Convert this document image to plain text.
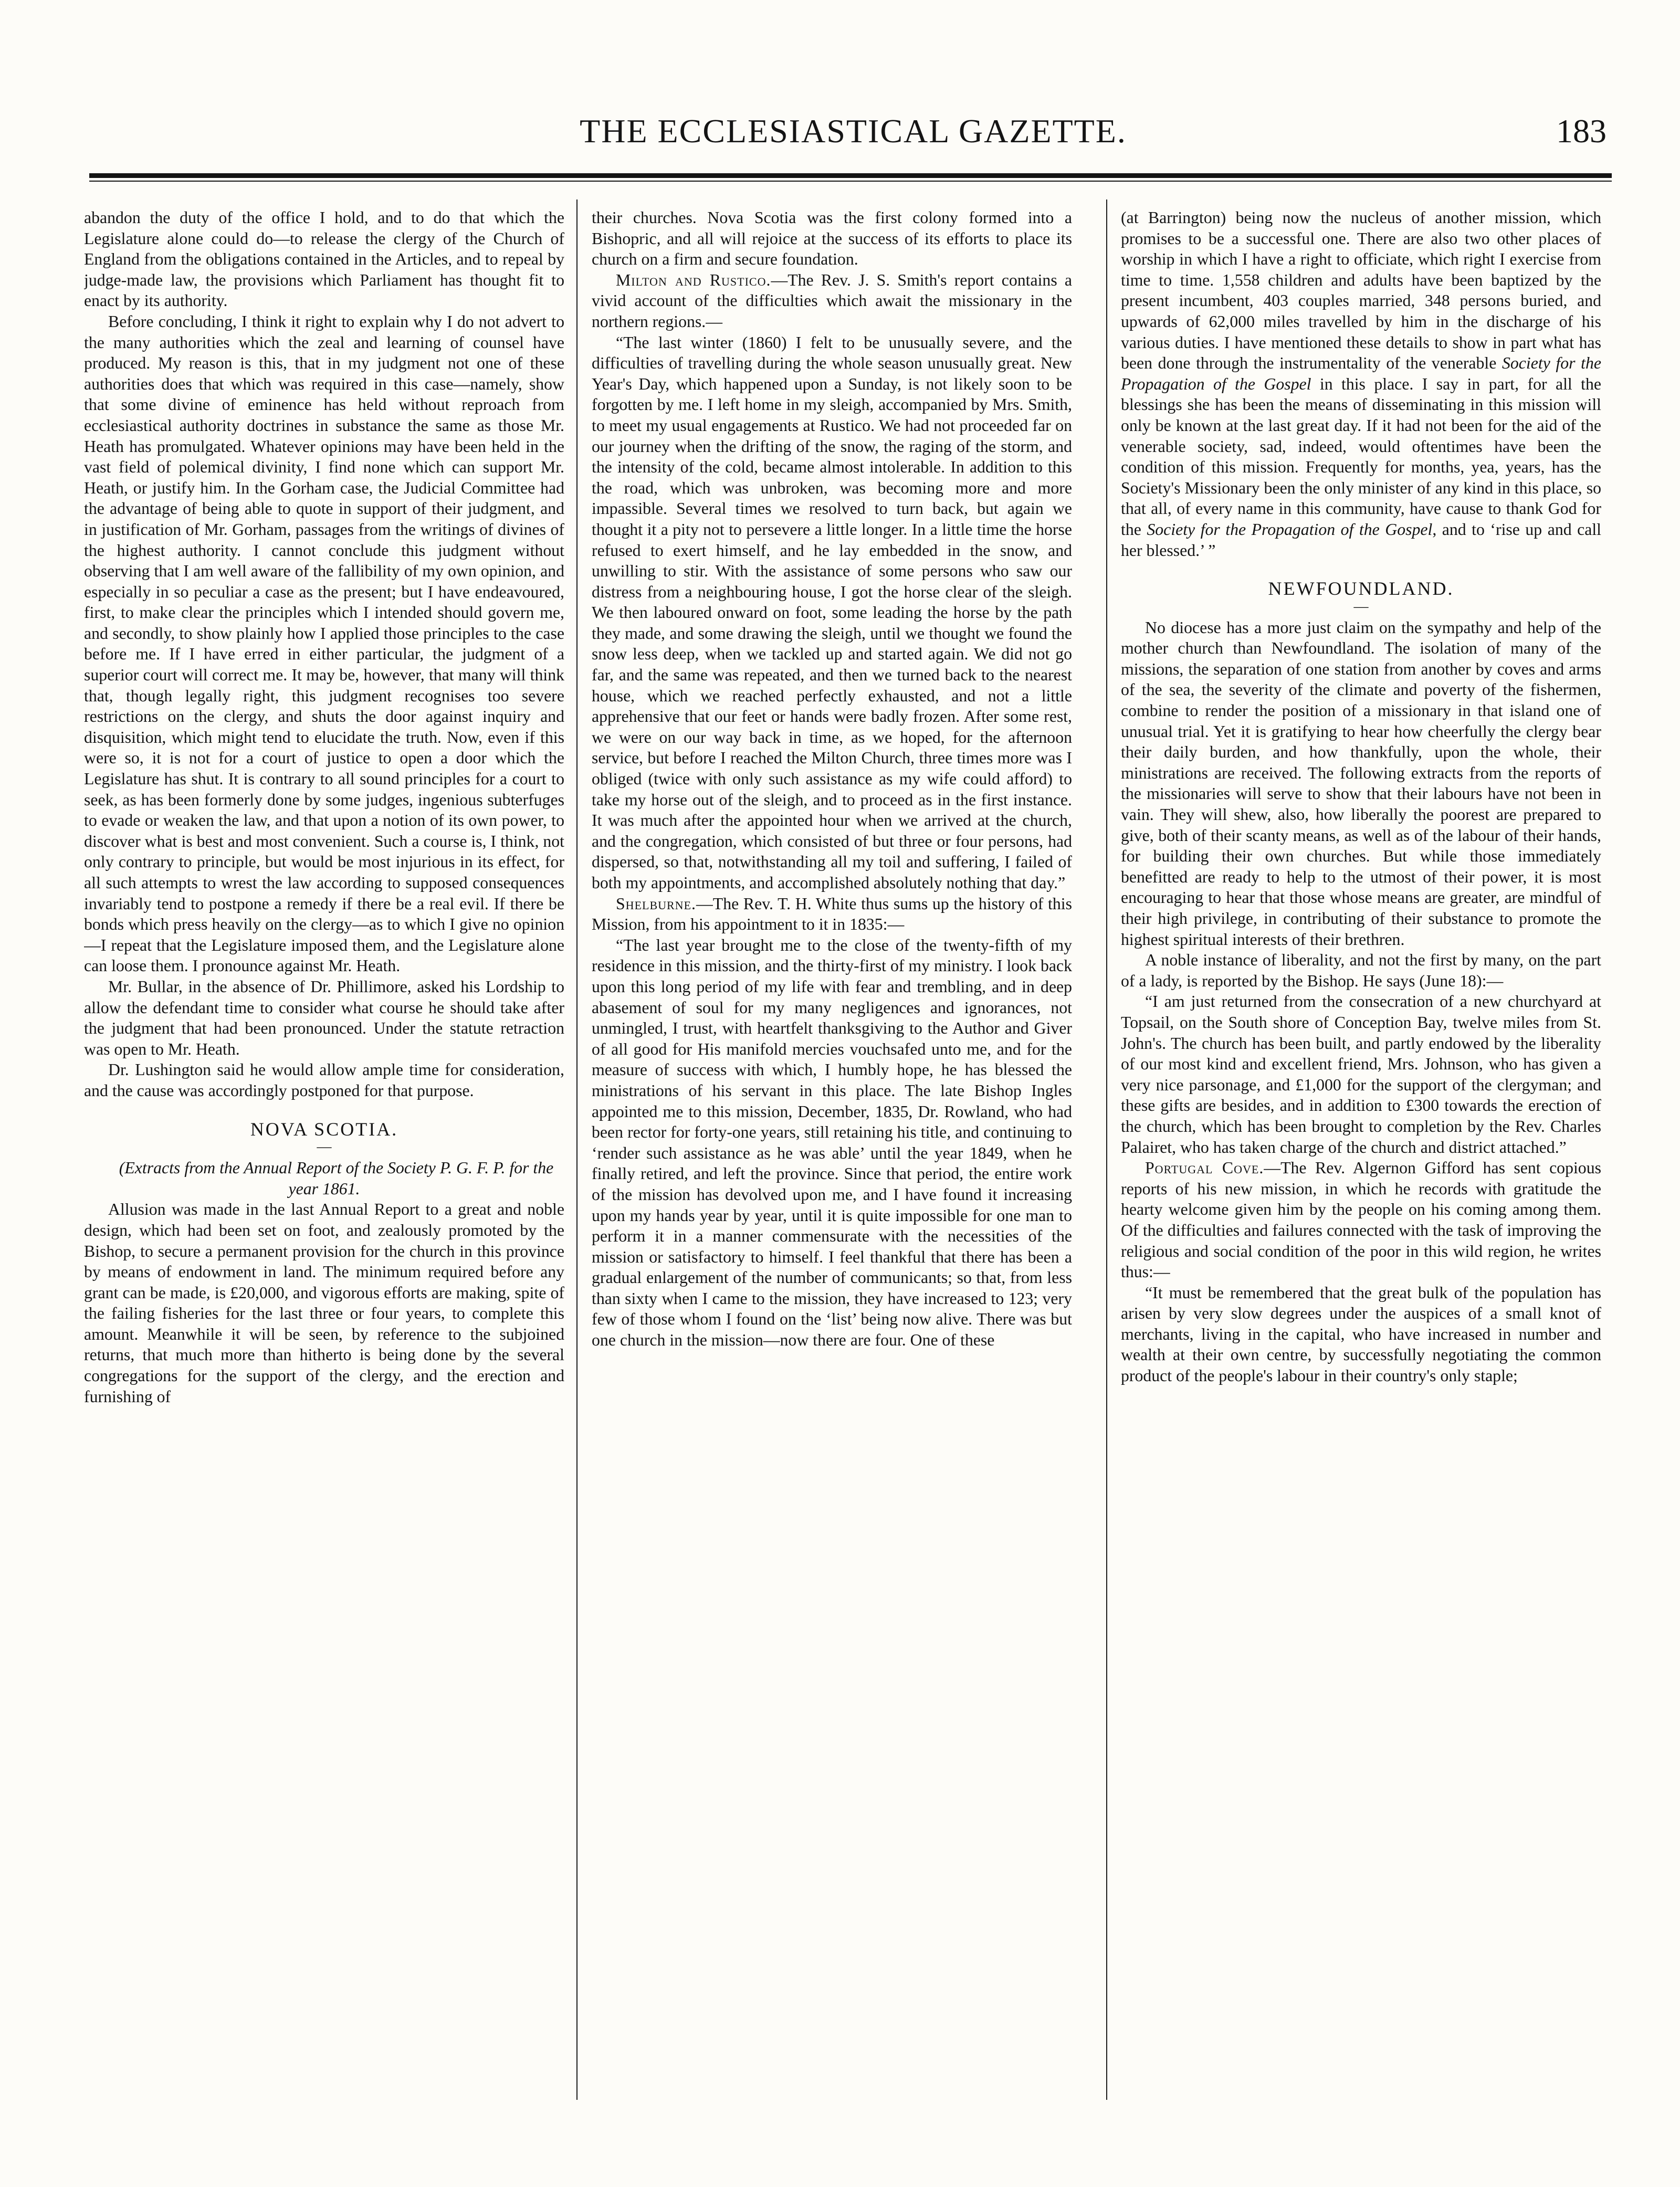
THE ECCLESIASTICAL GAZETTE.	183

abandon the duty of the office I hold, and to do that which the Legislature alone could do—to release the clergy of the Church of England from the obligations contained in the Articles, and to repeal by judge-made law, the provisions which Parliament has thought fit to enact by its authority.

Before concluding, I think it right to explain why I do not advert to the many authorities which the zeal and learning of counsel have produced. My reason is this, that in my judgment not one of these authorities does that which was required in this case—namely, show that some divine of eminence has held without reproach from ecclesiastical authority doctrines in substance the same as those Mr. Heath has promulgated. Whatever opinions may have been held in the vast field of polemical divinity, I find none which can support Mr. Heath, or justify him. In the Gorham case, the Judicial Committee had the advantage of being able to quote in support of their judgment, and in justification of Mr. Gorham, passages from the writings of divines of the highest authority. I cannot conclude this judgment without observing that I am well aware of the fallibility of my own opinion, and especially in so peculiar a case as the present; but I have endeavoured, first, to make clear the principles which I intended should govern me, and secondly, to show plainly how I applied those principles to the case before me. If I have erred in either particular, the judgment of a superior court will correct me. It may be, however, that many will think that, though legally right, this judgment recognises too severe restrictions on the clergy, and shuts the door against inquiry and disquisition, which might tend to elucidate the truth. Now, even if this were so, it is not for a court of justice to open a door which the Legislature has shut. It is contrary to all sound principles for a court to seek, as has been formerly done by some judges, ingenious subterfuges to evade or weaken the law, and that upon a notion of its own power, to discover what is best and most convenient. Such a course is, I think, not only contrary to principle, but would be most injurious in its effect, for all such attempts to wrest the law according to supposed consequences invariably tend to postpone a remedy if there be a real evil. If there be bonds which press heavily on the clergy—as to which I give no opinion—I repeat that the Legislature imposed them, and the Legislature alone can loose them. I pronounce against Mr. Heath.

Mr. Bullar, in the absence of Dr. Phillimore, asked his Lordship to allow the defendant time to consider what course he should take after the judgment that had been pronounced. Under the statute retraction was open to Mr. Heath.

Dr. Lushington said he would allow ample time for consideration, and the cause was accordingly postponed for that purpose.

NOVA SCOTIA.
—

(Extracts from the Annual Report of the Society P. G. F. P. for the year 1861.

Allusion was made in the last Annual Report to a great and noble design, which had been set on foot, and zealously promoted by the Bishop, to secure a permanent provision for the church in this province by means of endowment in land. The minimum required before any grant can be made, is £20,000, and vigorous efforts are making, spite of the failing fisheries for the last three or four years, to complete this amount. Meanwhile it will be seen, by reference to the subjoined returns, that much more than hitherto is being done by the several congregations for the support of the clergy, and the erection and furnishing of

their churches. Nova Scotia was the first colony formed into a Bishopric, and all will rejoice at the success of its efforts to place its church on a firm and secure foundation.

Milton and Rustico.—The Rev. J. S. Smith's report contains a vivid account of the difficulties which await the missionary in the northern regions.—

“The last winter (1860) I felt to be unusually severe, and the difficulties of travelling during the whole season unusually great. New Year's Day, which happened upon a Sunday, is not likely soon to be forgotten by me. I left home in my sleigh, accompanied by Mrs. Smith, to meet my usual engagements at Rustico. We had not proceeded far on our journey when the drifting of the snow, the raging of the storm, and the intensity of the cold, became almost intolerable. In addition to this the road, which was unbroken, was becoming more and more impassible. Several times we resolved to turn back, but again we thought it a pity not to persevere a little longer. In a little time the horse refused to exert himself, and he lay embedded in the snow, and unwilling to stir. With the assistance of some persons who saw our distress from a neighbouring house, I got the horse clear of the sleigh. We then laboured onward on foot, some leading the horse by the path they made, and some drawing the sleigh, until we thought we found the snow less deep, when we tackled up and started again. We did not go far, and the same was repeated, and then we turned back to the nearest house, which we reached perfectly exhausted, and not a little apprehensive that our feet or hands were badly frozen. After some rest, we were on our way back in time, as we hoped, for the afternoon service, but before I reached the Milton Church, three times more was I obliged (twice with only such assistance as my wife could afford) to take my horse out of the sleigh, and to proceed as in the first instance. It was much after the appointed hour when we arrived at the church, and the congregation, which consisted of but three or four persons, had dispersed, so that, notwithstanding all my toil and suffering, I failed of both my appointments, and accomplished absolutely nothing that day.”

Shelburne.—The Rev. T. H. White thus sums up the history of this Mission, from his appointment to it in 1835:—

“The last year brought me to the close of the twenty-fifth of my residence in this mission, and the thirty-first of my ministry. I look back upon this long period of my life with fear and trembling, and in deep abasement of soul for my many negligences and ignorances, not unmingled, I trust, with heartfelt thanksgiving to the Author and Giver of all good for His manifold mercies vouchsafed unto me, and for the measure of success with which, I humbly hope, he has blessed the ministrations of his servant in this place. The late Bishop Ingles appointed me to this mission, December, 1835, Dr. Rowland, who had been rector for forty-one years, still retaining his title, and continuing to ‘render such assistance as he was able’ until the year 1849, when he finally retired, and left the province. Since that period, the entire work of the mission has devolved upon me, and I have found it increasing upon my hands year by year, until it is quite impossible for one man to perform it in a manner commensurate with the necessities of the mission or satisfactory to himself. I feel thankful that there has been a gradual enlargement of the number of communicants; so that, from less than sixty when I came to the mission, they have increased to 123; very few of those whom I found on the ‘list’ being now alive. There was but one church in the mission—now there are four. One of these

(at Barrington) being now the nucleus of another mission, which promises to be a successful one. There are also two other places of worship in which I have a right to officiate, which right I exercise from time to time. 1,558 children and adults have been baptized by the present incumbent, 403 couples married, 348 persons buried, and upwards of 62,000 miles travelled by him in the discharge of his various duties. I have mentioned these details to show in part what has been done through the instrumentality of the venerable Society for the Propagation of the Gospel in this place. I say in part, for all the blessings she has been the means of disseminating in this mission will only be known at the last great day. If it had not been for the aid of the venerable society, sad, indeed, would oftentimes have been the condition of this mission. Frequently for months, yea, years, has the Society's Missionary been the only minister of any kind in this place, so that all, of every name in this community, have cause to thank God for the Society for the Propagation of the Gospel, and to ‘rise up and call her blessed.’ ”

NEWFOUNDLAND.
—

No diocese has a more just claim on the sympathy and help of the mother church than Newfoundland. The isolation of many of the missions, the separation of one station from another by coves and arms of the sea, the severity of the climate and poverty of the fishermen, combine to render the position of a missionary in that island one of unusual trial. Yet it is gratifying to hear how cheerfully the clergy bear their daily burden, and how thankfully, upon the whole, their ministrations are received. The following extracts from the reports of the missionaries will serve to show that their labours have not been in vain. They will shew, also, how liberally the poorest are prepared to give, both of their scanty means, as well as of the labour of their hands, for building their own churches. But while those immediately benefitted are ready to help to the utmost of their power, it is most encouraging to hear that those whose means are greater, are mindful of their high privilege, in contributing of their substance to promote the highest spiritual interests of their brethren.

A noble instance of liberality, and not the first by many, on the part of a lady, is reported by the Bishop. He says (June 18):—

“I am just returned from the consecration of a new churchyard at Topsail, on the South shore of Conception Bay, twelve miles from St. John's. The church has been built, and partly endowed by the liberality of our most kind and excellent friend, Mrs. Johnson, who has given a very nice parsonage, and £1,000 for the support of the clergyman; and these gifts are besides, and in addition to £300 towards the erection of the church, which has been brought to completion by the Rev. Charles Palairet, who has taken charge of the church and district attached.”

Portugal Cove.—The Rev. Algernon Gifford has sent copious reports of his new mission, in which he records with gratitude the hearty welcome given him by the people on his coming among them. Of the difficulties and failures connected with the task of improving the religious and social condition of the poor in this wild region, he writes thus:—

“It must be remembered that the great bulk of the population has arisen by very slow degrees under the auspices of a small knot of merchants, living in the capital, who have increased in number and wealth at their own centre, by successfully negotiating the common product of the people's labour in their country's only staple;
